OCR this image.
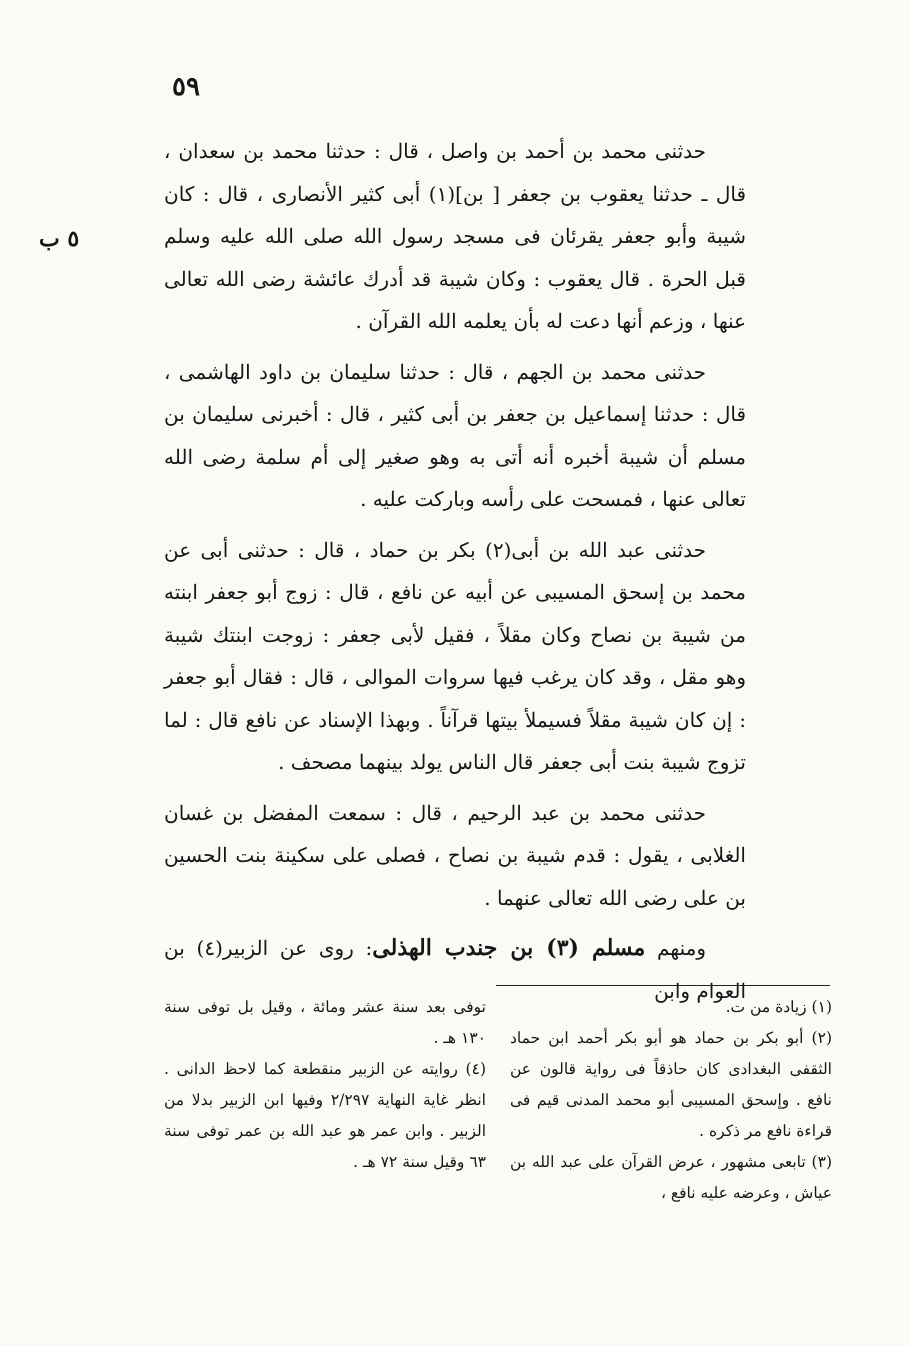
٥٩
٥ ب

حدثنى محمد بن أحمد بن واصل ، قال : حدثنا محمد بن سعدان ، قال ـ حدثنا يعقوب بن جعفر [ بن](١) أبى كثير الأنصارى ، قال : كان شيبة وأبو جعفر يقرئان فى مسجد رسول الله صلى الله عليه وسلم قبل الحرة . قال يعقوب : وكان شيبة قد أدرك عائشة رضى الله تعالى عنها ، وزعم أنها دعت له بأن يعلمه الله القرآن .

حدثنى محمد بن الجهم ، قال : حدثنا سليمان بن داود الهاشمى ، قال : حدثنا إسماعيل بن جعفر بن أبى كثير ، قال : أخبرنى سليمان بن مسلم أن شيبة أخبره أنه أتى به وهو صغير إلى أم سلمة رضى الله تعالى عنها ، فمسحت على رأسه وباركت عليه .

حدثنى عبد الله بن أبى(٢) بكر بن حماد ، قال : حدثنى أبى عن محمد بن إسحق المسيبى عن أبيه عن نافع ، قال : زوج أبو جعفر ابنته من شيبة بن نصاح وكان مقلاً ، فقيل لأبى جعفر : زوجت ابنتك شيبة وهو مقل ، وقد كان يرغب فيها سروات الموالى ، قال : فقال أبو جعفر : إن كان شيبة مقلاً فسيملأ بيتها قرآناً . وبهذا الإسناد عن نافع قال : لما تزوج شيبة بنت أبى جعفر قال الناس يولد بينهما مصحف .

حدثنى محمد بن عبد الرحيم ، قال : سمعت المفضل بن غسان الغلابى ، يقول : قدم شيبة بن نصاح ، فصلى على سكينة بنت الحسين بن على رضى الله تعالى عنهما .

ومنهم مسلم (٣) بن جندب الهذلى: روى عن الزبير(٤) بن العوام وابن

(١) زيادة من ت.

(٢) أبو بكر بن حماد هو أبو بكر أحمد ابن حماد الثقفى البغدادى كان حاذقاً فى رواية قالون عن نافع . وإسحق المسيبى أبو محمد المدنى قيم فى قراءة نافع مر ذكره .

(٣) تابعى مشهور ، عرض القرآن على عبد الله بن عياش ، وعرضه عليه نافع ،

توفى بعد سنة عشر ومائة ، وقيل بل توفى سنة ١٣٠ هـ .

(٤) روايته عن الزبير منقطعة كما لاحظ الدانى . انظر غاية النهاية ٢/٢٩٧ وفيها ابن الزبير بدلا من الزبير . وابن عمر هو عبد الله بن عمر توفى سنة ٦٣ وقيل سنة ٧٢ هـ .
